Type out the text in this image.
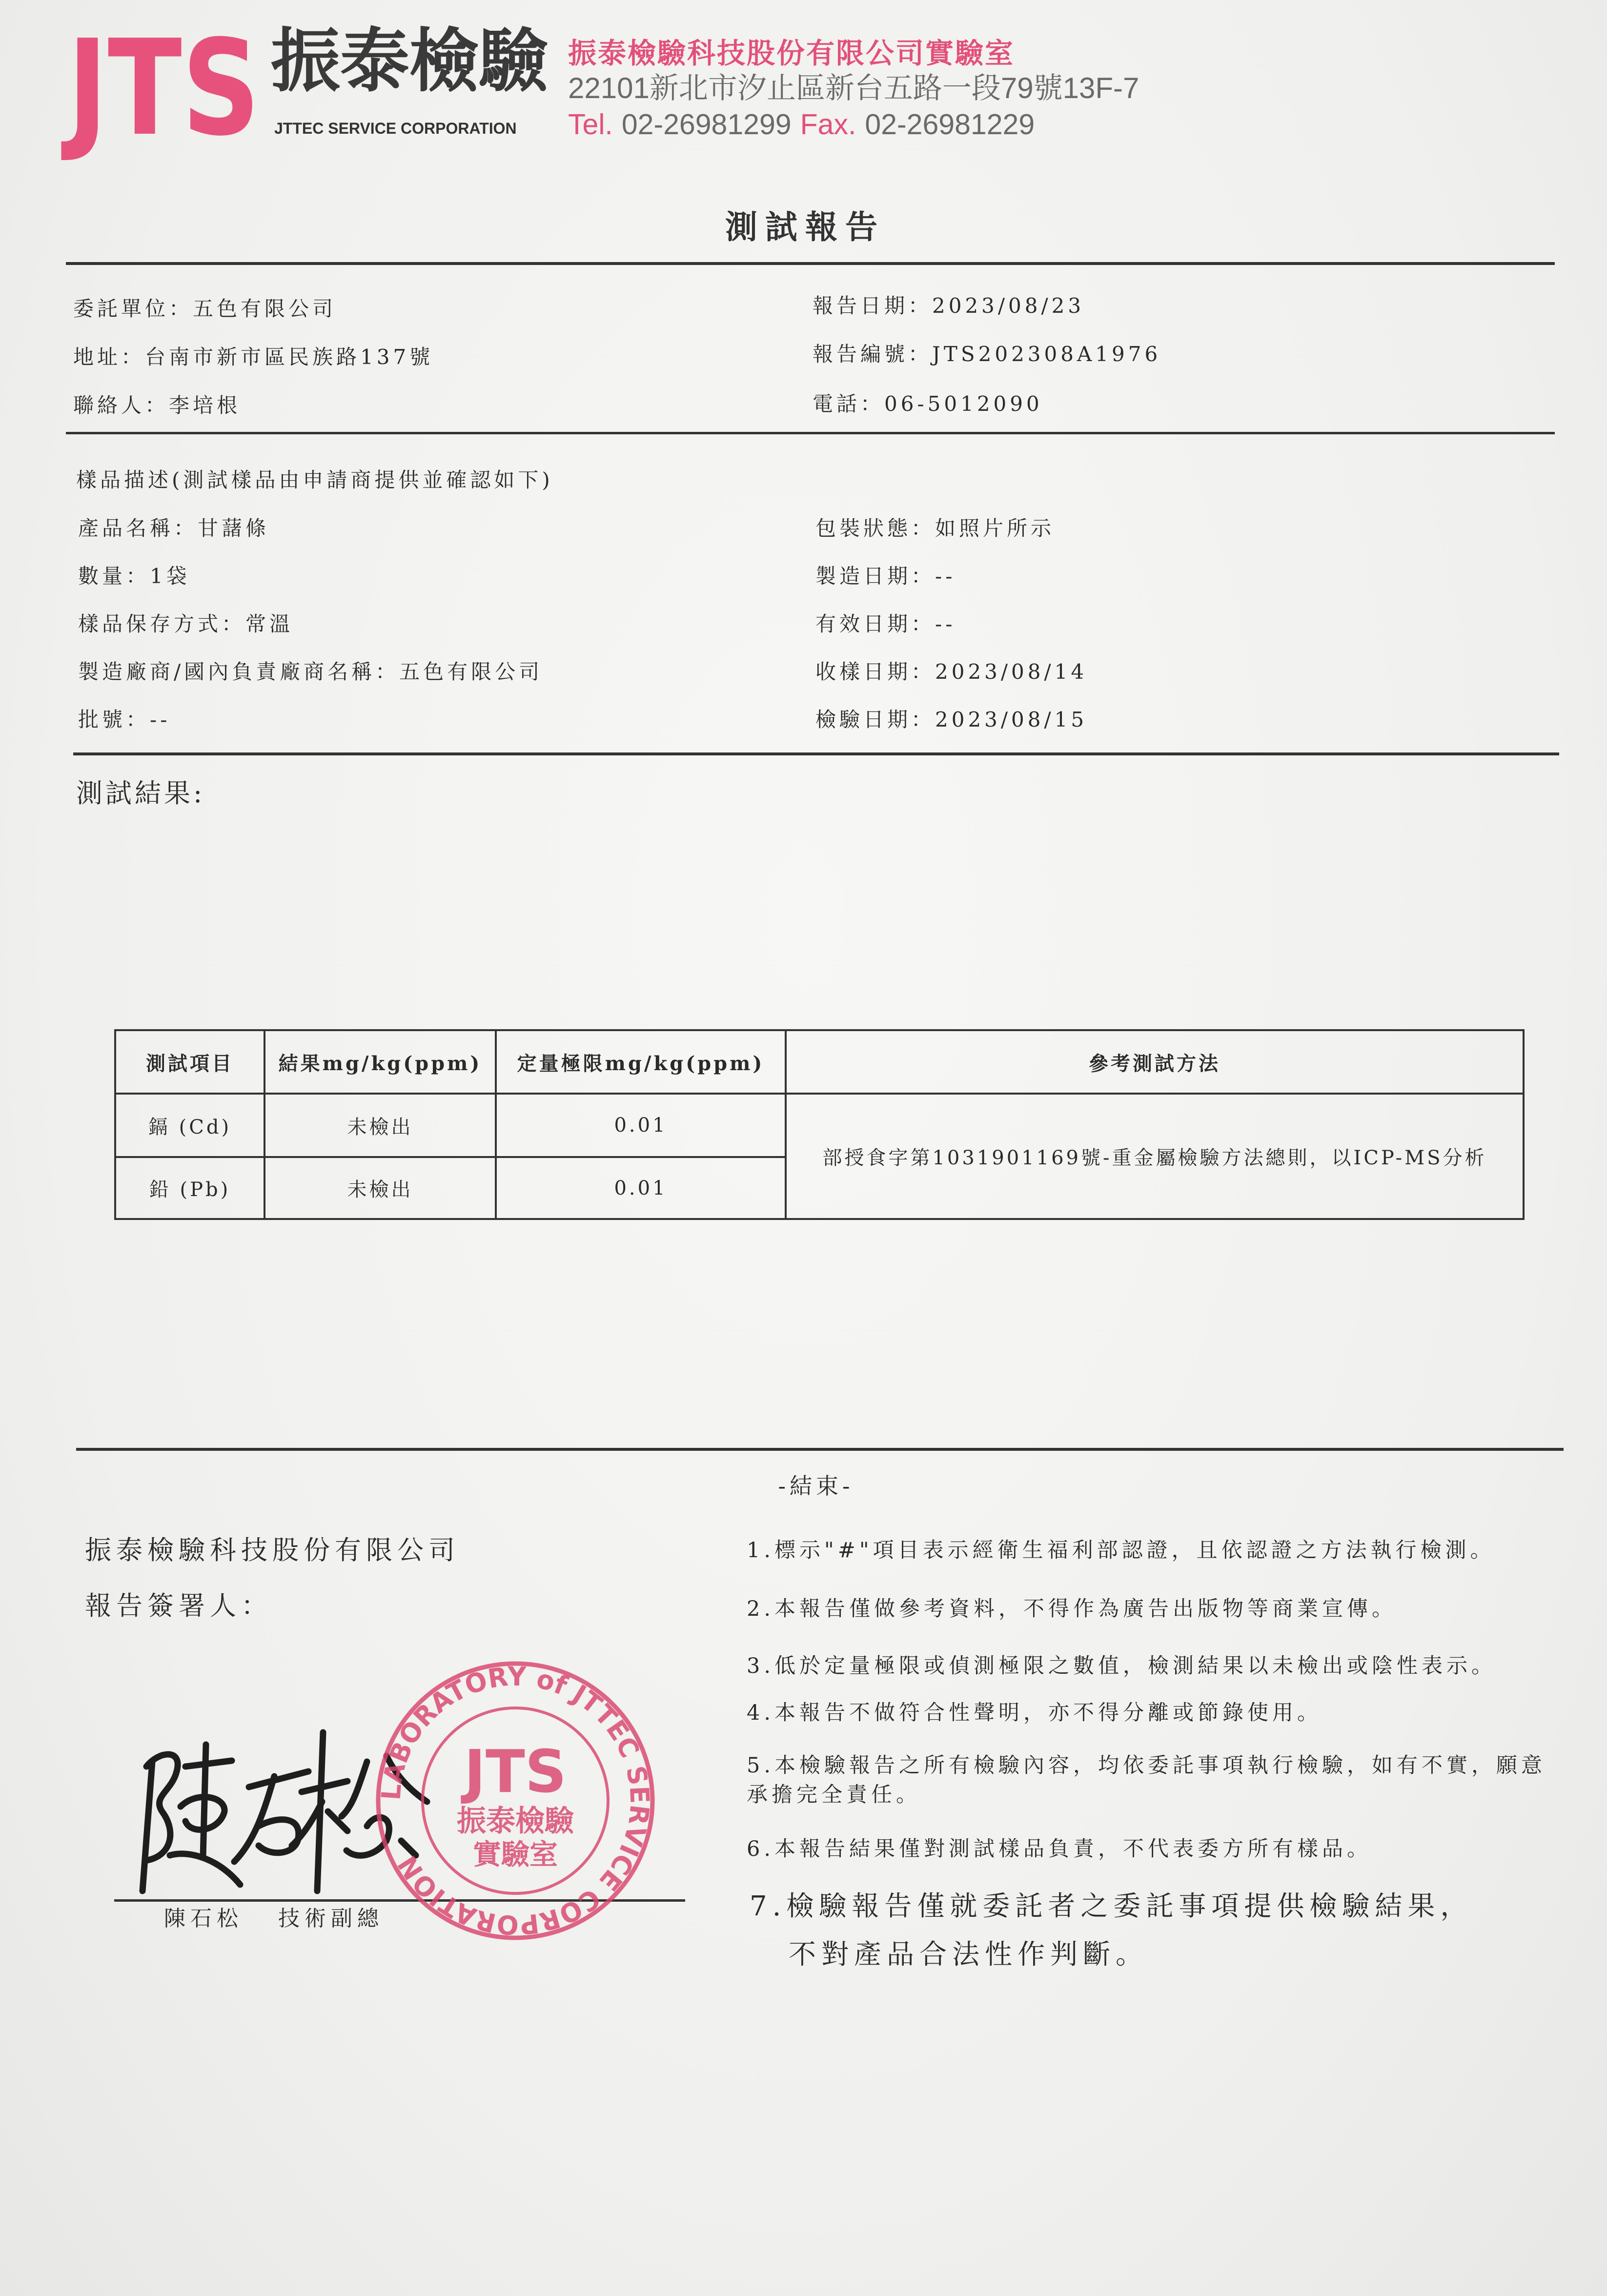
JTS 振泰檢驗
JTTEC SERVICE CORPORATION
振泰檢驗科技股份有限公司實驗室
22101新北市汐止區新台五路一段79號13F-7
Tel. 02-26981299 Fax. 02-26981229
測試報告
委託單位：五色有限公司
地址：台南市新市區民族路137號
聯絡人：李培根
報告日期：2023/08/23
報告編號：JTS202308A1976
電話：06-5012090
樣品描述(測試樣品由申請商提供並確認如下)
產品名稱：甘藷條
數量：1袋
樣品保存方式：常溫
製造廠商/國內負責廠商名稱：五色有限公司
批號：--
包裝狀態：如照片所示
製造日期：--
有效日期：--
收樣日期：2023/08/14
檢驗日期：2023/08/15
測試結果:
測試項目	結果mg/kg(ppm)	定量極限mg/kg(ppm)	參考測試方法
鎘 (Cd)	未檢出	0.01	部授食字第1031901169號-重金屬檢驗方法總則，以ICP-MS分析
鉛 (Pb)	未檢出	0.01	
-結束-
振泰檢驗科技股份有限公司
報告簽署人：
陳石松 技術副總
LABORATORY of JTTEC SERVICE CORPORATION
JTS
振泰檢驗
實驗室
1.標示"#"項目表示經衛生福利部認證，且依認證之方法執行檢測。
2.本報告僅做參考資料，不得作為廣告出版物等商業宣傳。
3.低於定量極限或偵測極限之數值，檢測結果以未檢出或陰性表示。
4.本報告不做符合性聲明，亦不得分離或節錄使用。
5.本檢驗報告之所有檢驗內容，均依委託事項執行檢驗，如有不實，願意
承擔完全責任。
6.本報告結果僅對測試樣品負責，不代表委方所有樣品。
7.檢驗報告僅就委託者之委託事項提供檢驗結果，
不對產品合法性作判斷。
